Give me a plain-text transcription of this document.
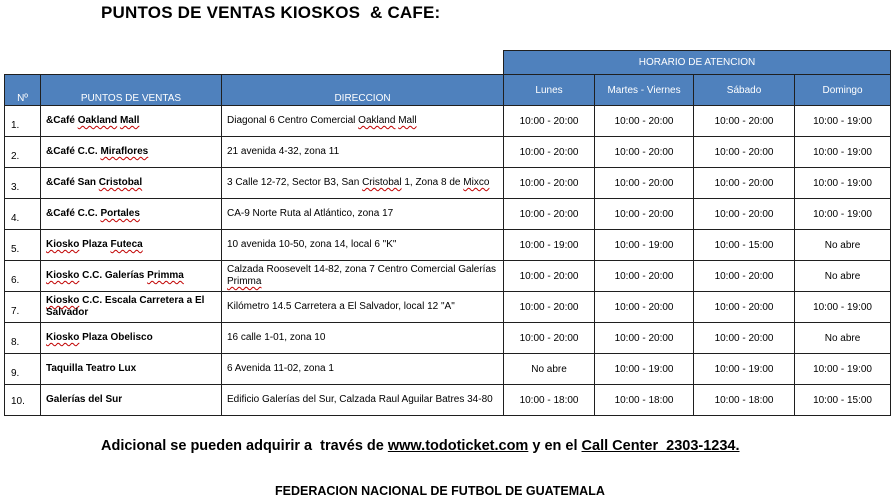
PUNTOS DE VENTAS KIOSKOS  & CAFE:
			HORARIO DE ATENCION			
Nº	PUNTOS DE VENTAS	DIRECCION	Lunes	Martes - Viernes	Sábado	Domingo
1.	&Café Oakland Mall	Diagonal 6 Centro Comercial Oakland Mall	10:00 - 20:00	10:00 - 20:00	10:00 - 20:00	10:00 - 19:00
2.	&Café C.C. Miraflores	21 avenida 4-32, zona 11	10:00 - 20:00	10:00 - 20:00	10:00 - 20:00	10:00 - 19:00
3.	&Café San Cristobal	3 Calle 12-72, Sector B3, San Cristobal 1, Zona 8 de Mixco	10:00 - 20:00	10:00 - 20:00	10:00 - 20:00	10:00 - 19:00
4.	&Café C.C. Portales	CA-9 Norte Ruta al Atlántico, zona 17	10:00 - 20:00	10:00 - 20:00	10:00 - 20:00	10:00 - 19:00
5.	Kiosko Plaza Futeca	10 avenida 10-50, zona 14, local 6 "K"	10:00 - 19:00	10:00 - 19:00	10:00 - 15:00	No abre
6.	Kiosko C.C. Galerías Primma	Calzada Roosevelt 14-82, zona 7 Centro Comercial Galerías Primma	10:00 - 20:00	10:00 - 20:00	10:00 - 20:00	No abre
7.	Kiosko C.C. Escala Carretera a El Salvador	Kilómetro 14.5 Carretera a El Salvador, local 12 "A"	10:00 - 20:00	10:00 - 20:00	10:00 - 20:00	10:00 - 19:00
8.	Kiosko Plaza Obelisco	16 calle 1-01, zona 10	10:00 - 20:00	10:00 - 20:00	10:00 - 20:00	No abre
9.	Taquilla Teatro Lux	6 Avenida 11-02, zona 1	No abre	10:00 - 19:00	10:00 - 19:00	10:00 - 19:00
10.	Galerías del Sur	Edificio Galerías del Sur, Calzada Raul Aguilar Batres 34-80	10:00 - 18:00	10:00 - 18:00	10:00 - 18:00	10:00 - 15:00
Adicional se pueden adquirir a  través de www.todoticket.com y en el Call Center  2303-1234.
FEDERACION NACIONAL DE FUTBOL DE GUATEMALA
